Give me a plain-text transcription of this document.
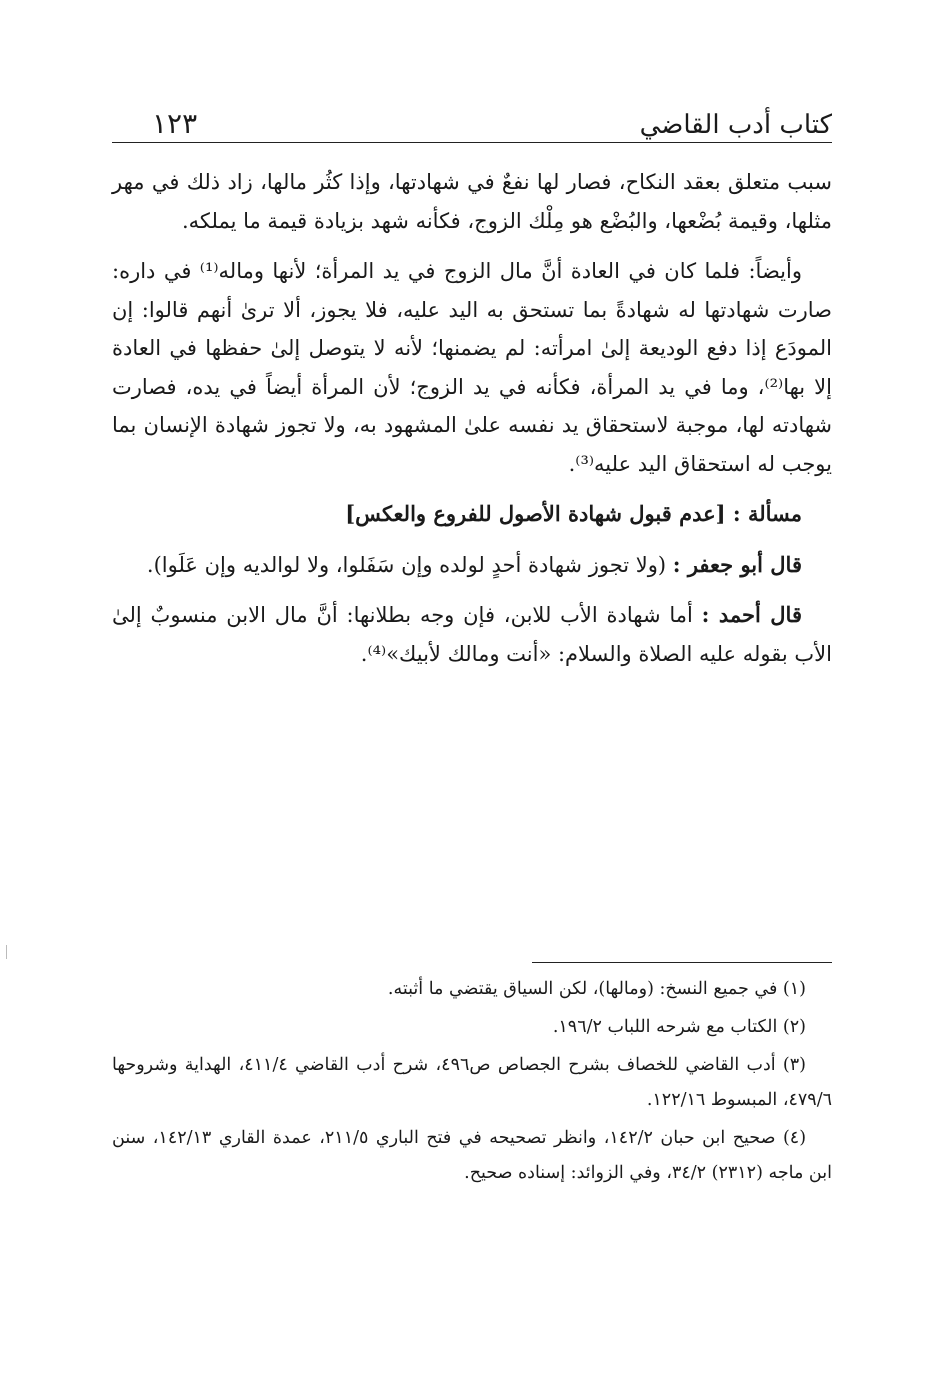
كتاب أدب القاضي
١٢٣

سبب متعلق بعقد النكاح، فصار لها نفعٌ في شهادتها، وإذا كثُر مالها، زاد ذلك في مهر مثلها، وقيمة بُضْعها، والبُضْع هو مِلْك الزوج، فكأنه شهد بزيادة قيمة ما يملكه.

وأيضاً: فلما كان في العادة أنَّ مال الزوج في يد المرأة؛ لأنها وماله⁽¹⁾ في داره: صارت شهادتها له شهادةً بما تستحق به اليد عليه، فلا يجوز، ألا ترىٰ أنهم قالوا: إن المودَع إذا دفع الوديعة إلىٰ امرأته: لم يضمنها؛ لأنه لا يتوصل إلىٰ حفظها في العادة إلا بها⁽²⁾، وما في يد المرأة، فكأنه في يد الزوج؛ لأن المرأة أيضاً في يده، فصارت شهادته لها، موجبة لاستحقاق يد نفسه علىٰ المشهود به، ولا تجوز شهادة الإنسان بما يوجب له استحقاق اليد عليه⁽³⁾.

مسألة : [عدم قبول شهادة الأصول للفروع والعكس]

قال أبو جعفر : (ولا تجوز شهادة أحدٍ لولده وإن سَفَلوا، ولا لوالديه وإن عَلَوا).

قال أحمد : أما شهادة الأب للابن، فإن وجه بطلانها: أنَّ مال الابن منسوبٌ إلىٰ الأب بقوله عليه الصلاة والسلام: «أنت ومالك لأبيك»⁽⁴⁾.

(١) في جميع النسخ: (ومالها)، لكن السياق يقتضي ما أثبته.

(٢) الكتاب مع شرحه اللباب ١٩٦/٢.

(٣) أدب القاضي للخصاف بشرح الجصاص ص٤٩٦، شرح أدب القاضي ٤١١/٤، الهداية وشروحها ٤٧٩/٦، المبسوط ١٢٢/١٦.

(٤) صحيح ابن حبان ١٤٢/٢، وانظر تصحيحه في فتح الباري ٢١١/٥، عمدة القاري ١٤٢/١٣، سنن ابن ماجه (٢٣١٢) ٣٤/٢، وفي الزوائد: إسناده صحيح.
